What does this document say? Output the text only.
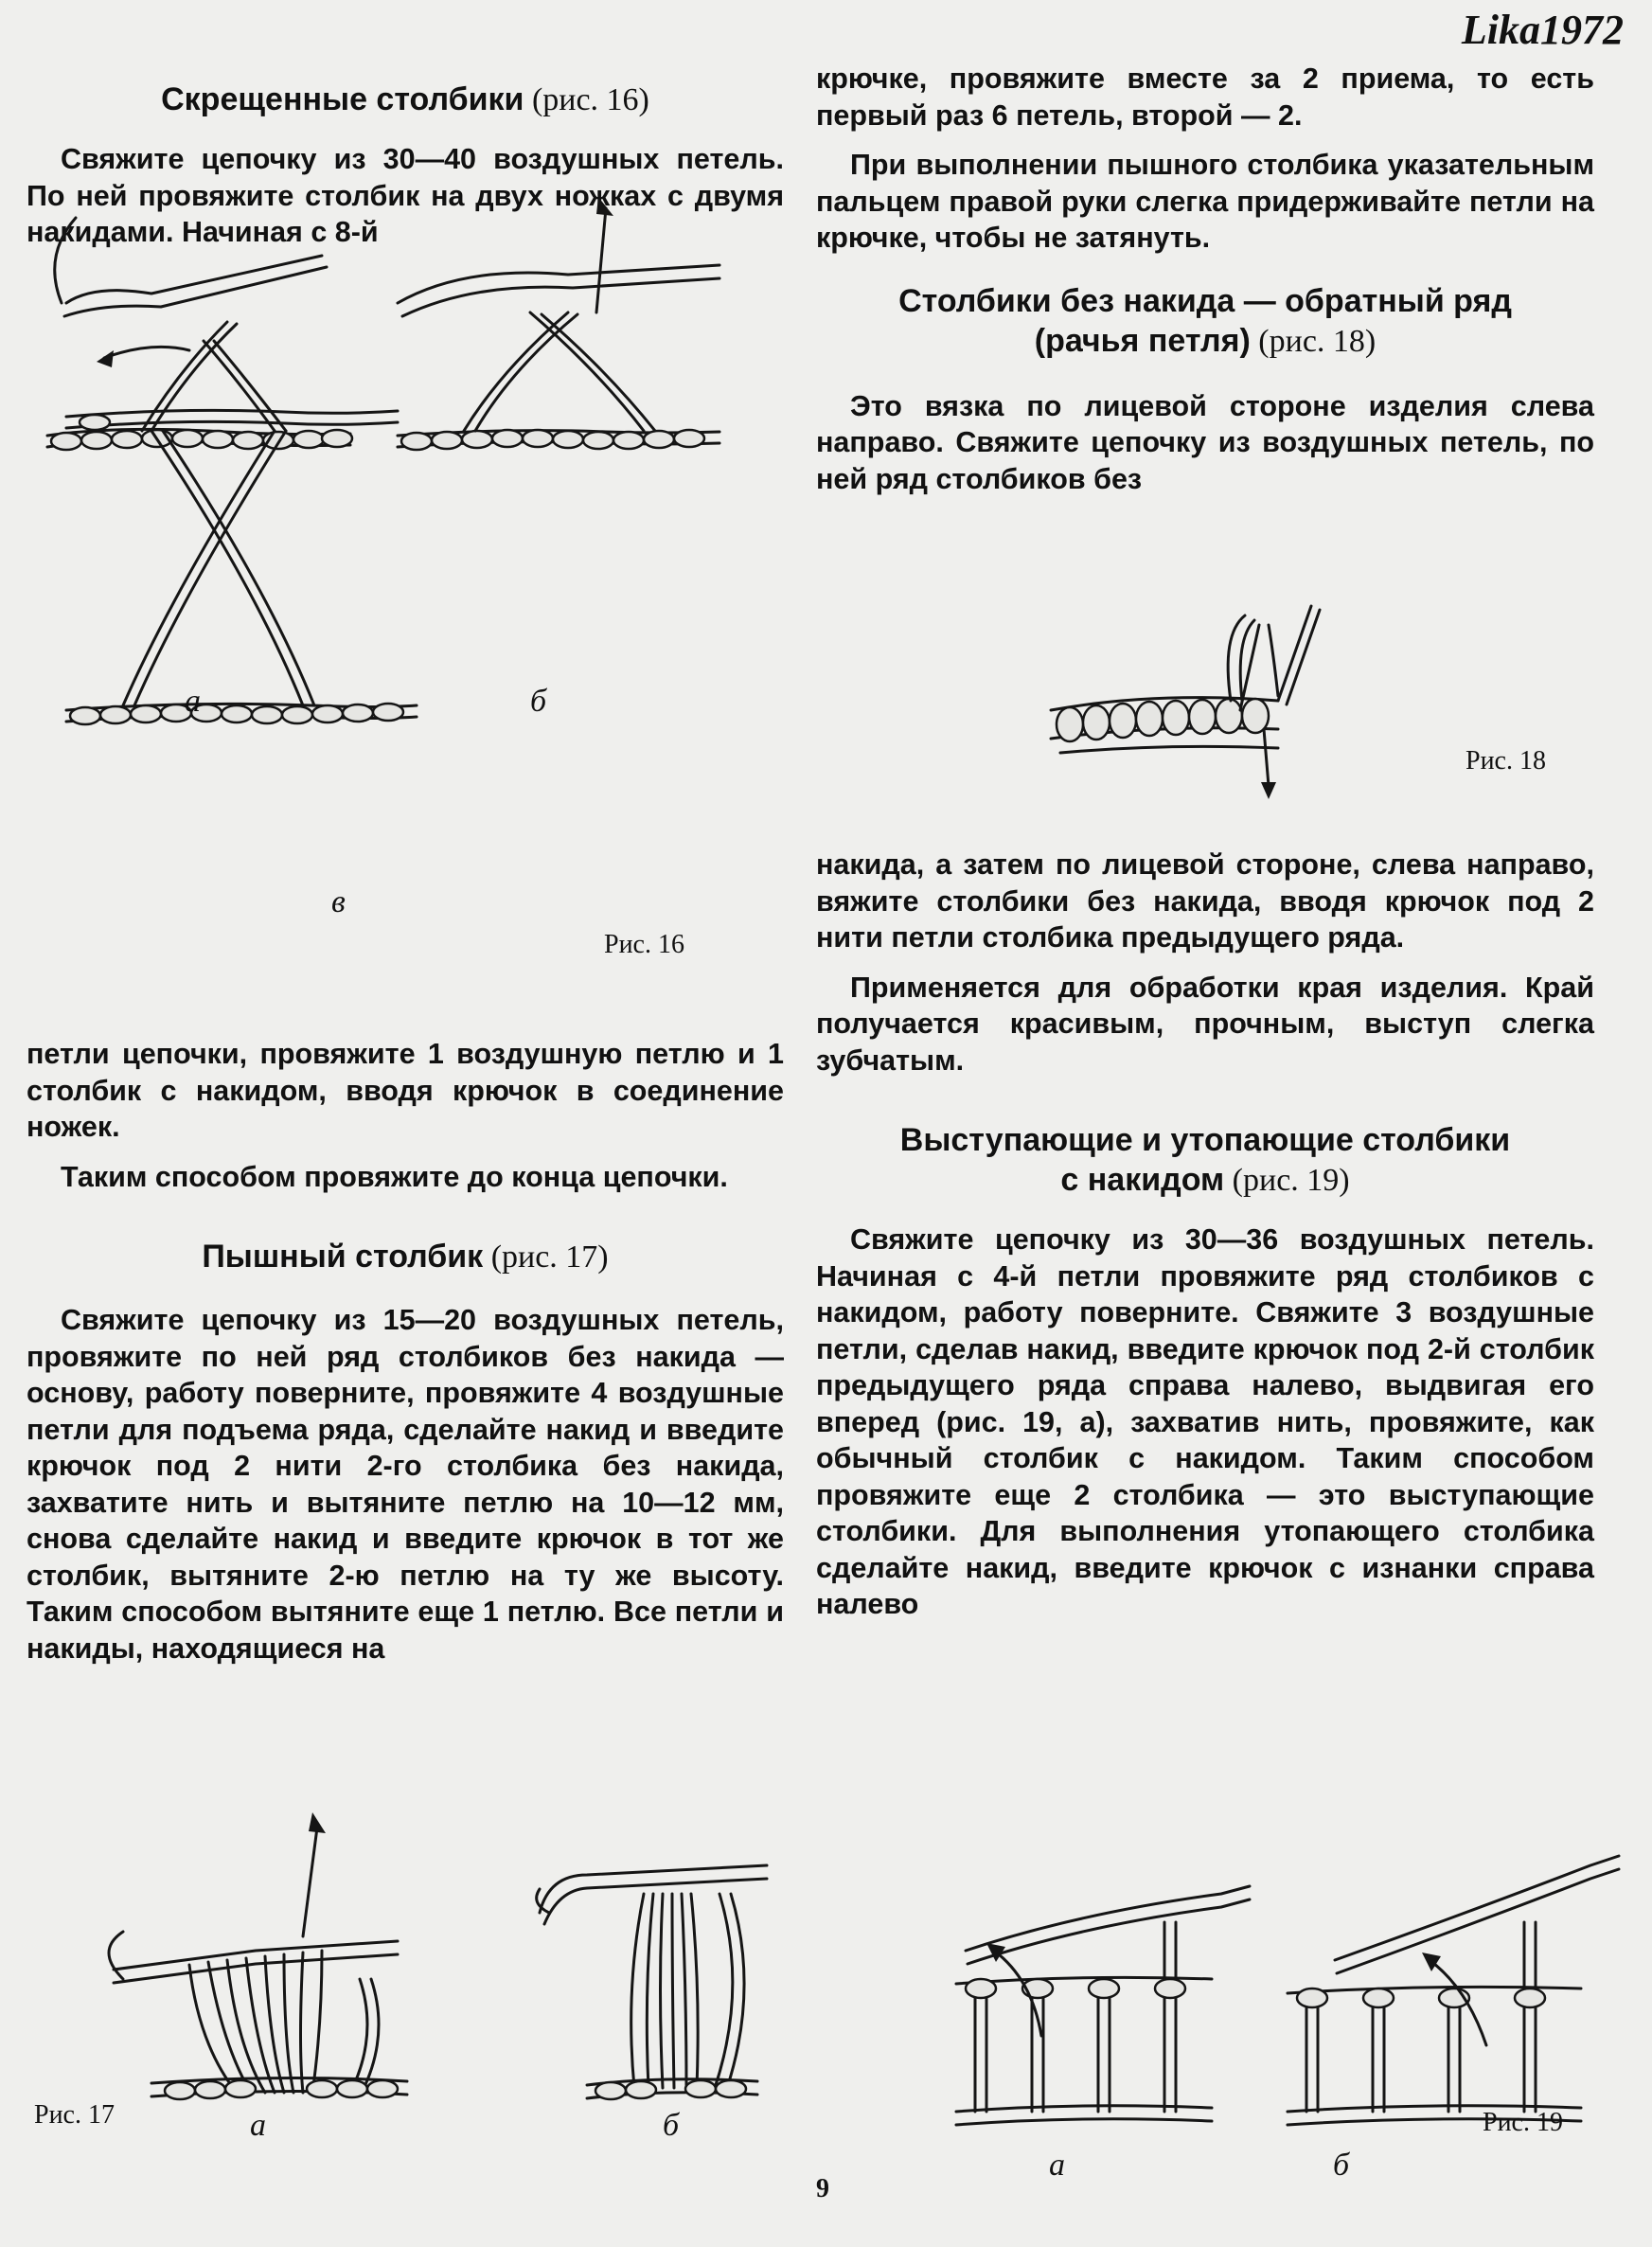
Lika1972

Скрещенные столбики (рис. 16)

Свяжите цепочку из 30—40 воздушных петель. По ней провяжите столбик на двух ножках с двумя накидами. Начиная с 8-й

а	б
в
Рис. 16

петли цепочки, провяжите 1 воздушную петлю и 1 столбик с накидом, вводя крючок в соединение ножек.

Таким способом провяжите до конца цепочки.

Пышный столбик (рис. 17)

Свяжите цепочку из 15—20 воздушных петель, провяжите по ней ряд столбиков без накида — основу, работу поверните, провяжите 4 воздушные петли для подъема ряда, сделайте накид и введите крючок под 2 нити 2-го столбика без накида, захватите нить и вытяните петлю на 10—12 мм, снова сделайте накид и введите крючок в тот же столбик, вытяните 2-ю петлю на ту же высоту. Таким способом вытяните еще 1 петлю. Все петли и накиды, находящиеся на

Рис. 17	а	б

крючке, провяжите вместе за 2 приема, то есть первый раз 6 петель, второй — 2.

При выполнении пышного столбика указательным пальцем правой руки слегка придерживайте петли на крючке, чтобы не затянуть.

Столбики без накида — обратный ряд
(рачья петля) (рис. 18)

Это вязка по лицевой стороне изделия слева направо. Свяжите цепочку из воздушных петель, по ней ряд столбиков без

Рис. 18

накида, а затем по лицевой стороне, слева направо, вяжите столбики без накида, вводя крючок под 2 нити петли столбика предыдущего ряда.

Применяется для обработки края изделия. Край получается красивым, прочным, выступ слегка зубчатым.

Выступающие и утопающие столбики
с накидом (рис. 19)

Свяжите цепочку из 30—36 воздушных петель. Начиная с 4-й петли провяжите ряд столбиков с накидом, работу поверните. Свяжите 3 воздушные петли, сделав накид, введите крючок под 2-й столбик предыдущего ряда справа налево, выдвигая его вперед (рис. 19, а), захватив нить, провяжите, как обычный столбик с накидом. Таким способом провяжите еще 2 столбика — это выступающие столбики. Для выполнения утопающего столбика сделайте накид, введите крючок с изнанки справа налево

а	б
Рис. 19
9
